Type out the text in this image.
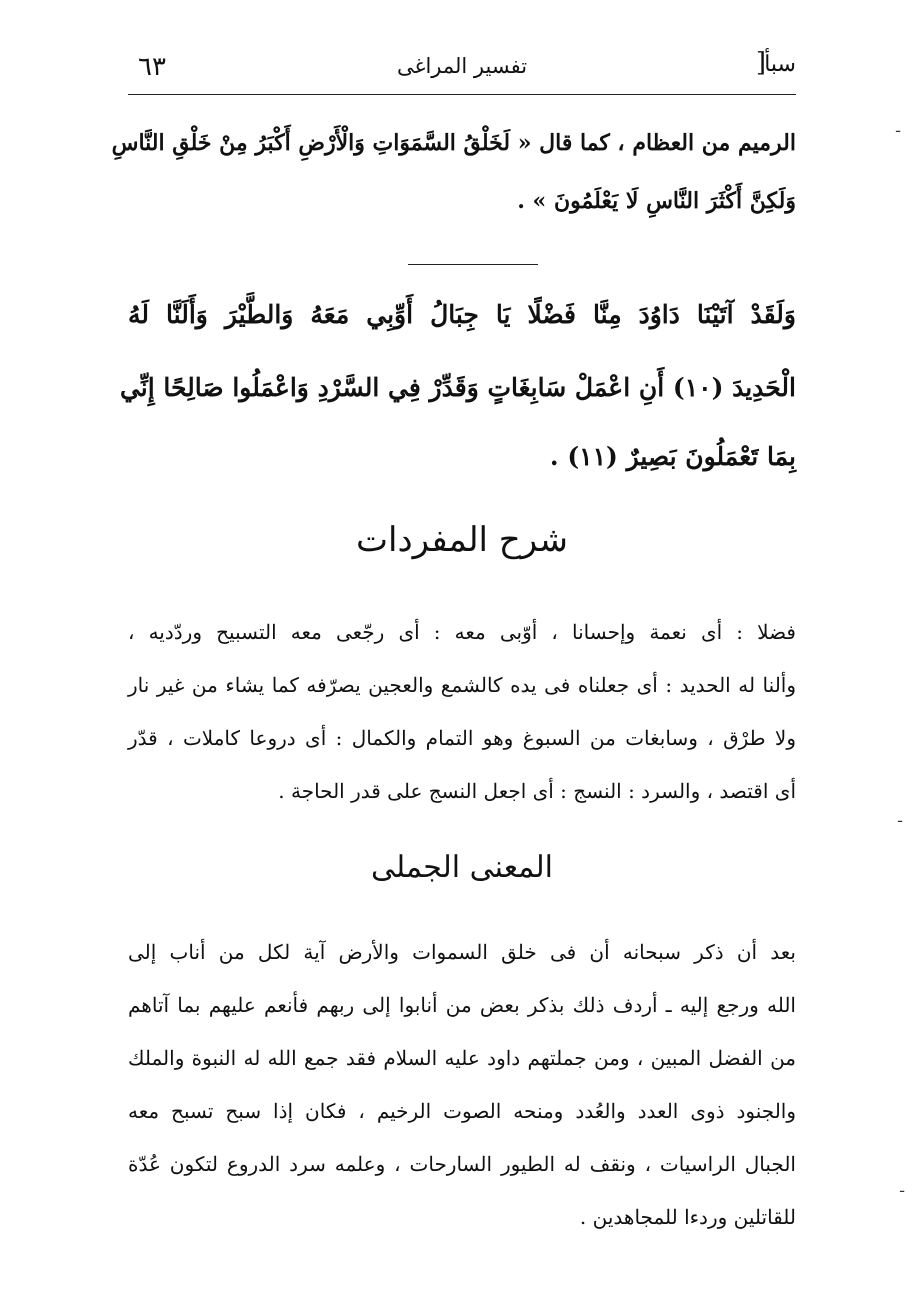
٦٣	تفسير المراغى	]
سبأ
الرميم من العظام ، كما قال « لَخَلْقُ السَّمَوَاتِ وَالْأَرْضِ أَكْبَرُ مِنْ خَلْقِ النَّاسِ
وَلَكِنَّ أَكْثَرَ النَّاسِ لَا يَعْلَمُونَ » .
وَلَقَدْ آتَيْنَا دَاوُدَ مِنَّا فَضْلًا يَا جِبَالُ أَوِّبِي مَعَهُ وَالطَّيْرَ وَأَلَنَّا لَهُ
الْحَدِيدَ (١٠) أَنِ اعْمَلْ سَابِغَاتٍ وَقَدِّرْ فِي السَّرْدِ وَاعْمَلُوا صَالِحًا إِنِّي
بِمَا تَعْمَلُونَ بَصِيرٌ (١١) .
شرح المفردات
فضلا : أى نعمة وإحسانا ، أوّبى معه : أى رجّعى معه التسبيح وردّديه ،
وألنا له الحديد : أى جعلناه فى يده كالشمع والعجين يصرّفه كما يشاء من غير نار
ولا طرْق ، وسابغات من السبوغ وهو التمام والكمال : أى دروعا كاملات ، قدّر
أى اقتصد ، والسرد : النسج : أى اجعل النسج على قدر الحاجة .
المعنى الجملى
بعد أن ذكر سبحانه أن فى خلق السموات والأرض آية لكل من أناب إلى
الله ورجع إليه ـ أردف ذلك بذكر بعض من أنابوا إلى ربهم فأنعم عليهم بما آتاهم
من الفضل المبين ، ومن جملتهم داود عليه السلام فقد جمع الله له النبوة والملك
والجنود ذوى العدد والعُدد ومنحه الصوت الرخيم ، فكان إذا سبح تسبح معه
الجبال الراسيات ، ونقف له الطيور السارحات ، وعلمه سرد الدروع لتكون عُدّة
للقاتلين وردءا للمجاهدين .
ـ
ـ
ـ
